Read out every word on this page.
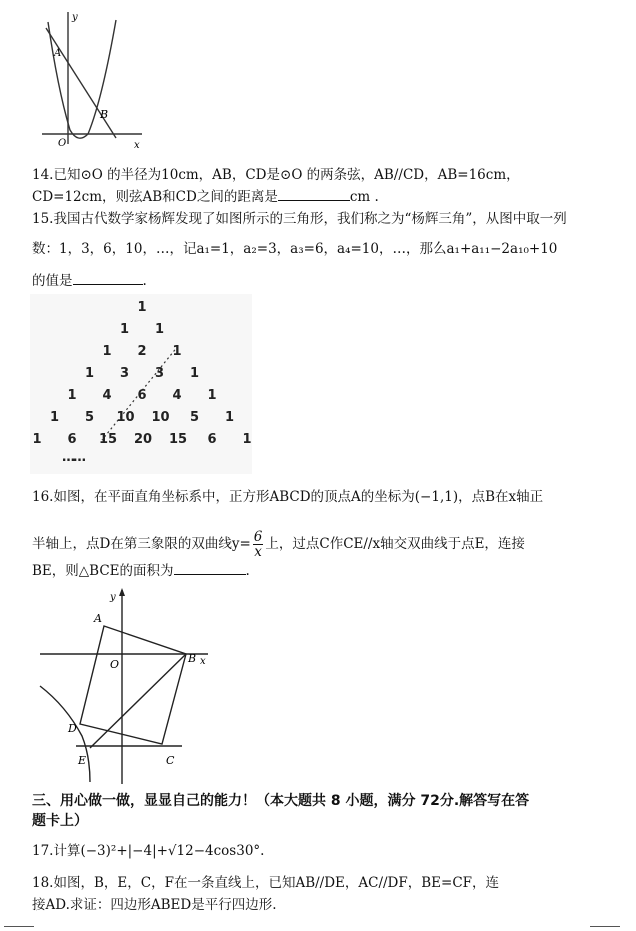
y
A
B
O	x
14.已知⊙O 的半径为10cm，AB，CD是⊙O 的两条弦，AB//CD，AB=16cm，
CD=12cm，则弦AB和CD之间的距离是	cm .
15.我国古代数学家杨辉发现了如图所示的三角形，我们称之为“杨辉三角”，从图中取一列
数：1，3，6，10，…，记a₁=1，a₂=3，a₃=6，a₄=10，…，那么a₁+a₁₁−2a₁₀+10
的值是	.
……
1
1 1
1 2 1
1 3 3 1
1 4 6 4 1
1 5 10 10 5 1
1 6 15 20 15 6 1
16.如图，在平面直角坐标系中，正方形ABCD的顶点A的坐标为(−1,1)，点B在x轴正
半轴上，点D在第三象限的双曲线$y= \frac{6}{x}$ 上，过点C作CE//x轴交双曲线于点E，连接
BE，则△BCE的面积为	.
y
A
O	B x
D
E	C
三、用心做一做，显显自己的能力！（本大题共 8 小题，满分 72分.解答写在答
题卡上）
17.计算(−3)²+|−4|+√12−4cos30°.
18.如图，B，E，C，F在一条直线上，已知AB//DE，AC//DF，BE=CF，连
接AD.求证：四边形ABED是平行四边形.
